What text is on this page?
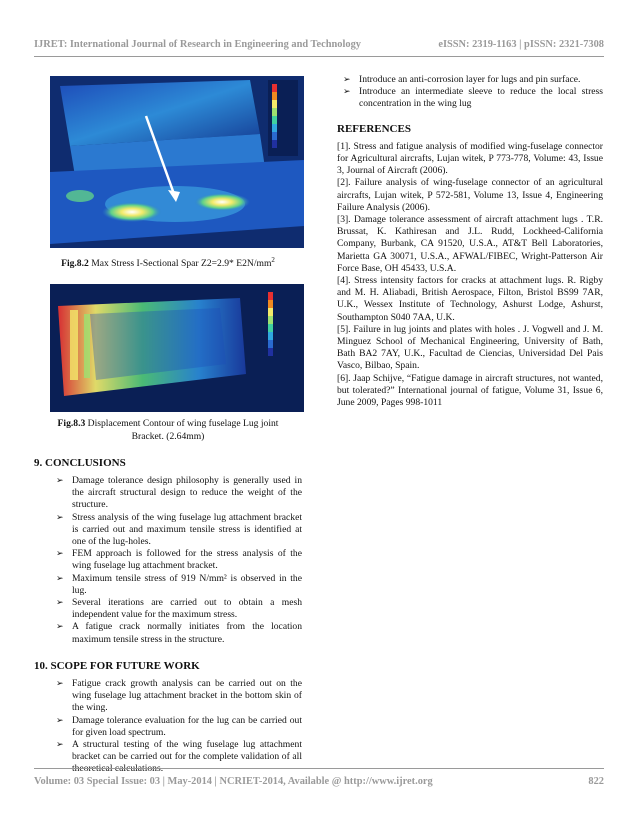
IJRET: International Journal of Research in Engineering and Technology	eISSN: 2319-1163 | pISSN: 2321-7308

Fig.8.2 Max Stress I-Sectional Spar Z2=2.9* $E2N/mm^2$

Fig.8.3 Displacement Contour of wing fuselage Lug joint Bracket. (2.64mm)

9. CONCLUSIONS
➢ Damage tolerance design philosophy is generally used in the aircraft structural design to reduce the weight of the structure.
➢ Stress analysis of the wing fuselage lug attachment bracket is carried out and maximum tensile stress is identified at one of the lug-holes.
➢ FEM approach is followed for the stress analysis of the wing fuselage lug attachment bracket.
➢ Maximum tensile stress of 919 N/mm² is observed in the lug.
➢ Several iterations are carried out to obtain a mesh independent value for the maximum stress.
➢ A fatigue crack normally initiates from the location maximum tensile stress in the structure.
10. SCOPE FOR FUTURE WORK
➢ Fatigue crack growth analysis can be carried out on the wing fuselage lug attachment bracket in the bottom skin of the wing.
➢ Damage tolerance evaluation for the lug can be carried out for given load spectrum.
➢ A structural testing of the wing fuselage lug attachment bracket can be carried out for the complete validation of all
➢ Introduce an anti-corrosion layer for lugs and pin surface.
➢ Introduce an intermediate sleeve to reduce the local stress concentration in the wing lug
REFERENCES

[1]. Stress and fatigue analysis of modified wing-fuselage connector for Agricultural aircrafts, Lujan witek, P 773-778, Volume: 43, Issue 3, Journal of Aircraft (2006).

[2]. Failure analysis of wing-fuselage connector of an agricultural aircrafts, Lujan witek, P 572-581, Volume 13, Issue 4, Engineering Failure Analysis (2006).

[3]. Damage tolerance assessment of aircraft attachment lugs . T.R. Brussat, K. Kathiresan and J.L. Rudd, Lockheed-California Company, Burbank, CA 91520, U.S.A., AT&T Bell Laboratories, Marietta GA 30071, U.S.A., AFWAL/FIBEC, Wright-Patterson Air Force Base, OH 45433, U.S.A.

[4]. Stress intensity factors for cracks at attachment lugs. R. Rigby and M. H. Aliabadi, British Aerospace, Filton, Bristol BS99 7AR, U.K., Wessex Institute of Technology, Ashurst Lodge, Ashurst, Southampton S040 7AA, U.K.

[5]. Failure in lug joints and plates with holes . J. Vogwell and J. M. Minguez School of Mechanical Engineering, University of Bath, Bath BA2 7AY, U.K., Facultad de Ciencias, Universidad Del Pais Vasco, Bilbao, Spain.

[6]. Jaap Schijve, “Fatigue damage in aircraft structures, not wanted, but tolerated?” International journal of fatigue, Volume 31, Issue 6, June 2009, Pages 998-1011

Volume: 03 Special Issue: 03 | May-2014 | NCRIET-2014, Available @ http://www.ijret.org	822
